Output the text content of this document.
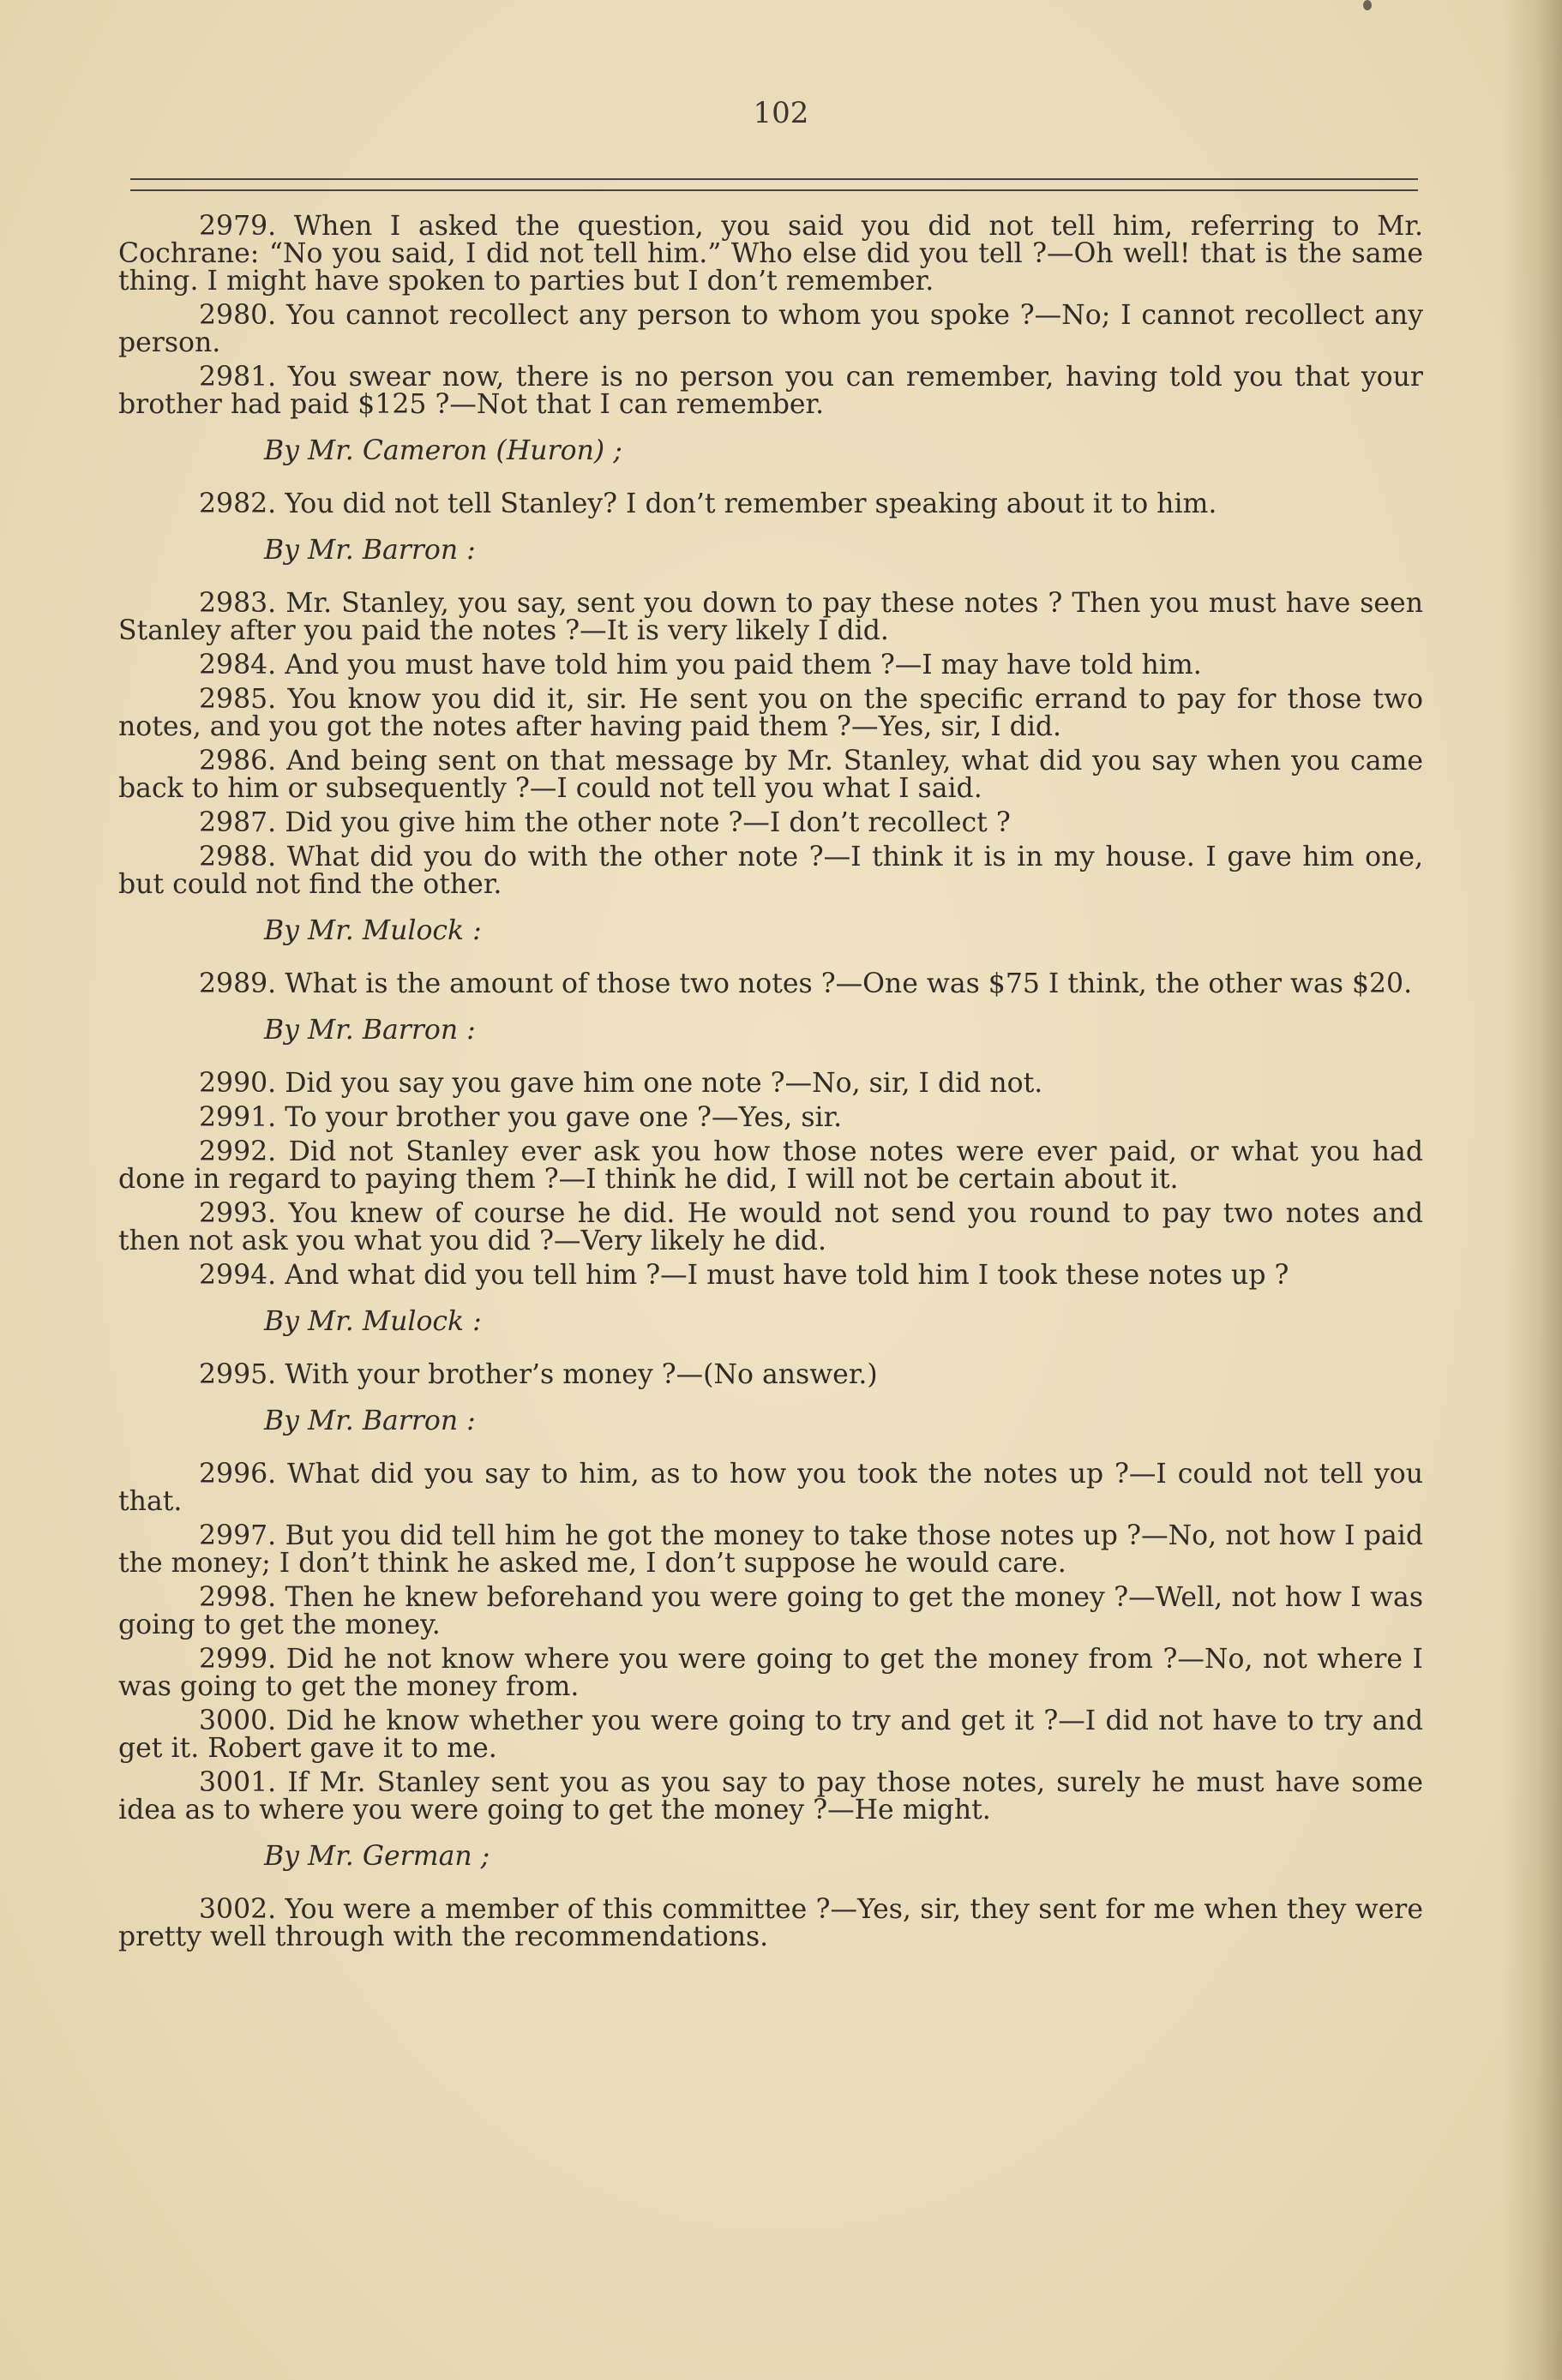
102

2979. When I asked the question, you said you did not tell him, referring to Mr. Cochrane: “No you said, I did not tell him.” Who else did you tell ?—Oh well! that is the same thing. I might have spoken to parties but I don’t remember.

2980. You cannot recollect any person to whom you spoke ?—No; I cannot recollect any person.

2981. You swear now, there is no person you can remember, having told you that your brother had paid $125 ?—Not that I can remember.

By Mr. Cameron (Huron) ;

2982. You did not tell Stanley? I don’t remember speaking about it to him.

By Mr. Barron :

2983. Mr. Stanley, you say, sent you down to pay these notes ? Then you must have seen Stanley after you paid the notes ?—It is very likely I did.

2984. And you must have told him you paid them ?—I may have told him.

2985. You know you did it, sir. He sent you on the specific errand to pay for those two notes, and you got the notes after having paid them ?—Yes, sir, I did.

2986. And being sent on that message by Mr. Stanley, what did you say when you came back to him or subsequently ?—I could not tell you what I said.

2987. Did you give him the other note ?—I don’t recollect ?

2988. What did you do with the other note ?—I think it is in my house. I gave him one, but could not find the other.

By Mr. Mulock :

2989. What is the amount of those two notes ?—One was $75 I think, the other was $20.

By Mr. Barron :

2990. Did you say you gave him one note ?—No, sir, I did not.

2991. To your brother you gave one ?—Yes, sir.

2992. Did not Stanley ever ask you how those notes were ever paid, or what you had done in regard to paying them ?—I think he did, I will not be certain about it.

2993. You knew of course he did. He would not send you round to pay two notes and then not ask you what you did ?—Very likely he did.

2994. And what did you tell him ?—I must have told him I took these notes up ?

By Mr. Mulock :

2995. With your brother’s money ?—(No answer.)

By Mr. Barron :

2996. What did you say to him, as to how you took the notes up ?—I could not tell you that.

2997. But you did tell him he got the money to take those notes up ?—No, not how I paid the money; I don’t think he asked me, I don’t suppose he would care.

2998. Then he knew beforehand you were going to get the money ?—Well, not how I was going to get the money.

2999. Did he not know where you were going to get the money from ?—No, not where I was going to get the money from.

3000. Did he know whether you were going to try and get it ?—I did not have to try and get it. Robert gave it to me.

3001. If Mr. Stanley sent you as you say to pay those notes, surely he must have some idea as to where you were going to get the money ?—He might.

By Mr. German ;

3002. You were a member of this committee ?—Yes, sir, they sent for me when they were pretty well through with the recommendations.
